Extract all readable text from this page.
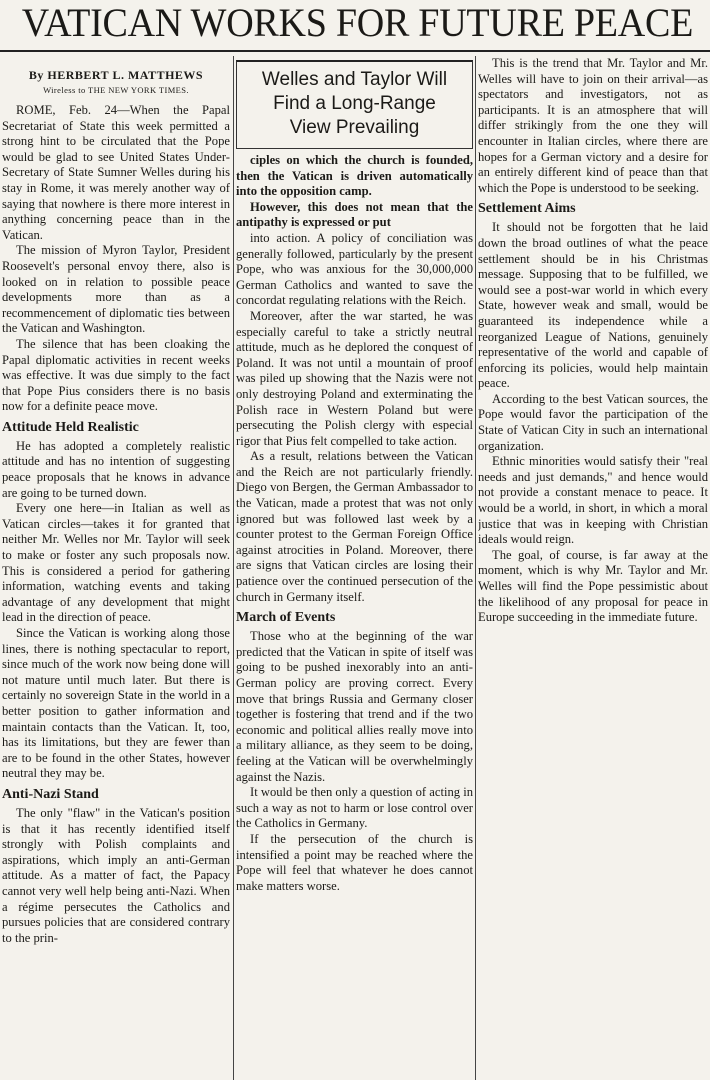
VATICAN WORKS FOR FUTURE PEACE
By HERBERT L. MATTHEWS
Wireless to THE NEW YORK TIMES.

ROME, Feb. 24—When the Papal Secretariat of State this week permitted a strong hint to be circulated that the Pope would be glad to see United States Under-Secretary of State Sumner Welles during his stay in Rome, it was merely another way of saying that nowhere is there more interest in anything concerning peace than in the Vatican.

The mission of Myron Taylor, President Roosevelt's personal envoy there, also is looked on in relation to possible peace developments more than as a recommencement of diplomatic ties between the Vatican and Washington.

The silence that has been cloaking the Papal diplomatic activities in recent weeks was effective. It was due simply to the fact that Pope Pius considers there is no basis now for a definite peace move.

Attitude Held Realistic

He has adopted a completely realistic attitude and has no intention of suggesting peace proposals that he knows in advance are going to be turned down.

Every one here—in Italian as well as Vatican circles—takes it for granted that neither Mr. Welles nor Mr. Taylor will seek to make or foster any such proposals now. This is considered a period for gathering information, watching events and taking advantage of any development that might lead in the direction of peace.

Since the Vatican is working along those lines, there is nothing spectacular to report, since much of the work now being done will not mature until much later. But there is certainly no sovereign State in the world in a better position to gather information and maintain contacts than the Vatican. It, too, has its limitations, but they are fewer than are to be found in the other States, however neutral they may be.

Anti-Nazi Stand

The only "flaw" in the Vatican's position is that it has recently identified itself strongly with Polish complaints and aspirations, which imply an anti-German attitude. As a matter of fact, the Papacy cannot very well help being anti-Nazi. When a régime persecutes the Catholics and pursues policies that are considered contrary to the prin-

Welles and Taylor Will
Find a Long-Range
View Prevailing

ciples on which the church is founded, then the Vatican is driven automatically into the opposition camp.

However, this does not mean that the antipathy is expressed or put

into action. A policy of conciliation was generally followed, particularly by the present Pope, who was anxious for the 30,000,000 German Catholics and wanted to save the concordat regulating relations with the Reich.

Moreover, after the war started, he was especially careful to take a strictly neutral attitude, much as he deplored the conquest of Poland. It was not until a mountain of proof was piled up showing that the Nazis were not only destroying Poland and exterminating the Polish race in Western Poland but were persecuting the Polish clergy with especial rigor that Pius felt compelled to take action.

As a result, relations between the Vatican and the Reich are not particularly friendly. Diego von Bergen, the German Ambassador to the Vatican, made a protest that was not only ignored but was followed last week by a counter protest to the German Foreign Office against atrocities in Poland. Moreover, there are signs that Vatican circles are losing their patience over the continued persecution of the church in Germany itself.

March of Events

Those who at the beginning of the war predicted that the Vatican in spite of itself was going to be pushed inexorably into an anti-German policy are proving correct. Every move that brings Russia and Germany closer together is fostering that trend and if the two economic and political allies really move into a military alliance, as they seem to be doing, feeling at the Vatican will be overwhelmingly against the Nazis.

It would be then only a question of acting in such a way as not to harm or lose control over the Catholics in Germany.

If the persecution of the church is intensified a point may be reached where the Pope will feel that whatever he does cannot make matters worse.

This is the trend that Mr. Taylor and Mr. Welles will have to join on their arrival—as spectators and investigators, not as participants. It is an atmosphere that will differ strikingly from the one they will encounter in Italian circles, where there are hopes for a German victory and a desire for an entirely different kind of peace than that which the Pope is understood to be seeking.

Settlement Aims

It should not be forgotten that he laid down the broad outlines of what the peace settlement should be in his Christmas message. Supposing that to be fulfilled, we would see a post-war world in which every State, however weak and small, would be guaranteed its independence while a reorganized League of Nations, genuinely representative of the world and capable of enforcing its policies, would help maintain peace.

According to the best Vatican sources, the Pope would favor the participation of the State of Vatican City in such an international organization.

Ethnic minorities would satisfy their "real needs and just demands," and hence would not provide a constant menace to peace. It would be a world, in short, in which a moral justice that was in keeping with Christian ideals would reign.

The goal, of course, is far away at the moment, which is why Mr. Taylor and Mr. Welles will find the Pope pessimistic about the likelihood of any proposal for peace in Europe succeeding in the immediate future.
